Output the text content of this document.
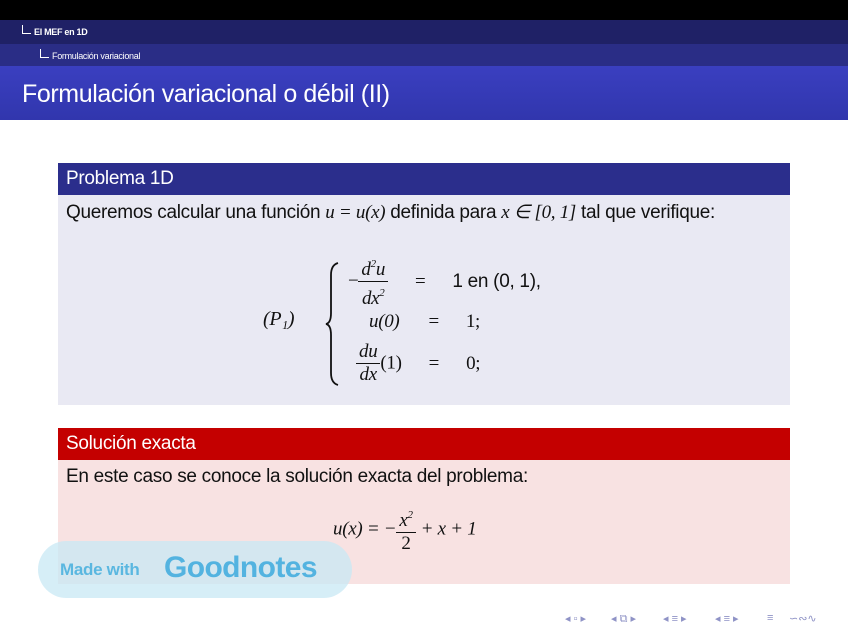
El MEF en 1D
Formulación variacional
Formulación variacional o débil (II)
Problema 1D
Queremos calcular una función u = u(x) definida para x ∈ [0, 1] tal que verifique:
(P₁)
− $\frac{d^2u}{dx^2} = 1$ en (0, 1),
u(0) = 1;
$\frac{du}{dx} (1) = 0$;
Solución exacta
En este caso se conoce la solución exacta del problema:
u(x) = − $\frac{x^2}{2} + x + 1$
Made with Goodnotes
◂ ▫ ▸ ◂ ⧉ ▸ ◂ ≡ ▸	◂ ≡ ▸	≡ ∽∾∿
